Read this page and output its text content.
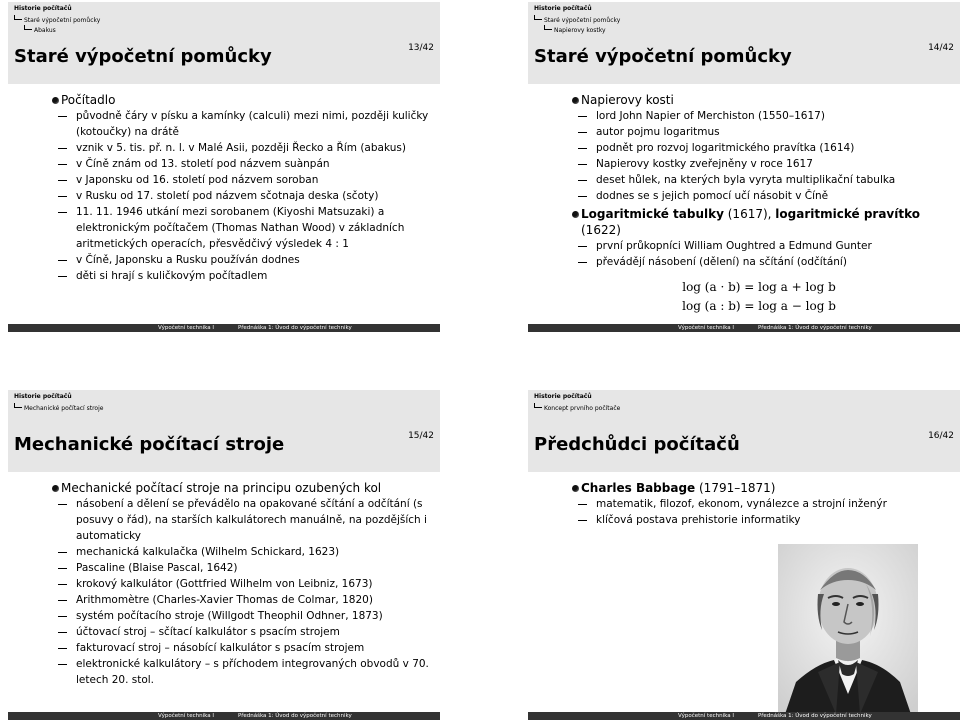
Historie počítačů
Staré výpočetní pomůcky
Abakus
Staré výpočetní pomůcky	13/42
Počítadlo
původně čáry v písku a kamínky (calculi) mezi nimi, později kuličky (kotoučky) na drátě
vznik v 5. tis. př. n. l. v Malé Asii, později Řecko a Řím (abakus)
v Číně znám od 13. století pod názvem suànpán
v Japonsku od 16. století pod názvem soroban
v Rusku od 17. století pod názvem sčotnaja deska (sčoty)
11. 11. 1946 utkání mezi sorobanem (Kiyoshi Matsuzaki) a elektronickým počítačem (Thomas Nathan Wood) v základních aritmetických operacích, přesvědčivý výsledek 4 : 1
v Číně, Japonsku a Rusku používán dodnes
děti si hrají s kuličkovým počítadlem
Výpočetní technika I	Přednáška 1: Úvod do výpočetní techniky
Historie počítačů
Staré výpočetní pomůcky
Napierovy kostky
Staré výpočetní pomůcky	14/42
Napierovy kosti
lord John Napier of Merchiston (1550–1617)
autor pojmu logaritmus
podnět pro rozvoj logaritmického pravítka (1614)
Napierovy kostky zveřejněny v roce 1617
deset hůlek, na kterých byla vyryta multiplikační tabulka
dodnes se s jejich pomocí učí násobit v Číně
Logaritmické tabulky (1617), logaritmické pravítko (1622)
první průkopníci William Oughtred a Edmund Gunter
převádějí násobení (dělení) na sčítání (odčítání)
log (a · b) = log a + log b
log (a : b) = log a − log b
Výpočetní technika I	Přednáška 1: Úvod do výpočetní techniky
Historie počítačů
Mechanické počítací stroje
Mechanické počítací stroje	15/42
Mechanické počítací stroje na principu ozubených kol
násobení a dělení se převádělo na opakované sčítání a odčítání (s posuvy o řád), na starších kalkulátorech manuálně, na pozdějších i automaticky
mechanická kalkulačka (Wilhelm Schickard, 1623)
Pascaline (Blaise Pascal, 1642)
krokový kalkulátor (Gottfried Wilhelm von Leibniz, 1673)
Arithmomètre (Charles-Xavier Thomas de Colmar, 1820)
systém počítacího stroje (Willgodt Theophil Odhner, 1873)
účtovací stroj – sčítací kalkulátor s psacím strojem
fakturovací stroj – násobící kalkulátor s psacím strojem
elektronické kalkulátory – s příchodem integrovaných obvodů v 70. letech 20. stol.
Výpočetní technika I	Přednáška 1: Úvod do výpočetní techniky
Historie počítačů
Koncept prvního počítače
Předchůdci počítačů	16/42
Charles Babbage (1791–1871)
matematik, filozof, ekonom, vynálezce a strojní inženýr
klíčová postava prehistorie informatiky
Výpočetní technika I	Přednáška 1: Úvod do výpočetní techniky
